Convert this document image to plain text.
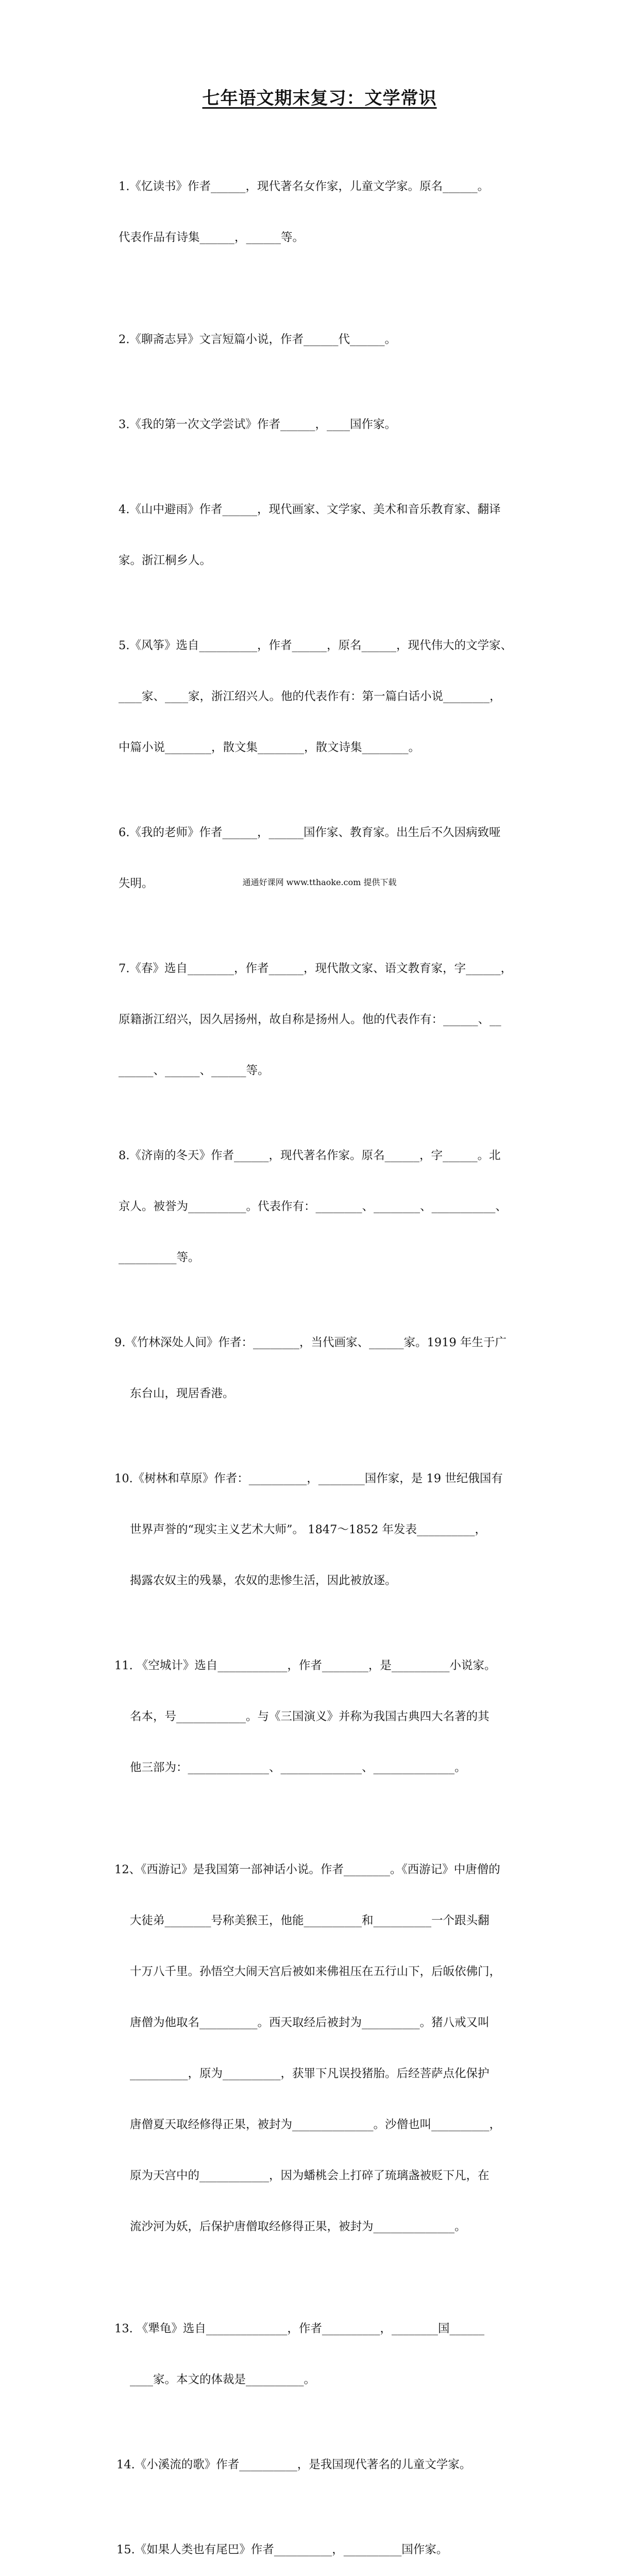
七年语文期末复习：文学常识

1.《忆读书》作者______，现代著名女作家，儿童文学家。原名______。

代表作品有诗集______，______等。

2.《聊斋志异》文言短篇小说，作者______代______。

3.《我的第一次文学尝试》作者______，____国作家。

4.《山中避雨》作者______，现代画家、文学家、美术和音乐教育家、翻译

家。浙江桐乡人。

5.《风筝》选自__________，作者______，原名______，现代伟大的文学家、

____家、____家，浙江绍兴人。他的代表作有：第一篇白话小说________，

中篇小说________，散文集________，散文诗集________。

6.《我的老师》作者______，______国作家、教育家。出生后不久因病致哑

失明。

7.《春》选自________，作者______，现代散文家、语文教育家，字______，

原籍浙江绍兴，因久居扬州，故自称是扬州人。他的代表作有：______、__

______、______、______等。

8.《济南的冬天》作者______，现代著名作家。原名______，字______。北

京人。被誉为__________。代表作有：________、________、___________、

__________等。

9.《竹林深处人间》作者：________，当代画家、______家。1919 年生于广

东台山，现居香港。

10.《树林和草原》作者：__________，________国作家，是 19 世纪俄国有

世界声誉的“现实主义艺术大师”。 1847～1852 年发表__________，

揭露农奴主的残暴，农奴的悲惨生活，因此被放逐。

11. 《空城计》选自____________，作者________，是__________小说家。

名本，号____________。与《三国演义》并称为我国古典四大名著的其

他三部为：______________、______________、______________。

12、《西游记》是我国第一部神话小说。作者________。《西游记》中唐僧的

大徒弟________号称美猴王，他能__________和__________一个跟头翻

十万八千里。孙悟空大闹天宫后被如来佛祖压在五行山下，后皈依佛门，

唐僧为他取名__________。西天取经后被封为__________。猪八戒又叫

__________，原为__________，获罪下凡误投猪胎。后经菩萨点化保护

唐僧夏天取经修得正果，被封为______________。沙僧也叫__________，

原为天宫中的____________，因为蟠桃会上打碎了琉璃盏被贬下凡，在

流沙河为妖，后保护唐僧取经修得正果，被封为______________。

13. 《犟龟》选自______________，作者__________，________国______

____家。本文的体裁是__________。

14.《小溪流的歌》作者__________，是我国现代著名的儿童文学家。

15.《如果人类也有尾巴》作者__________，__________国作家。

通通好课网 www.tthaoke.com 提供下载
